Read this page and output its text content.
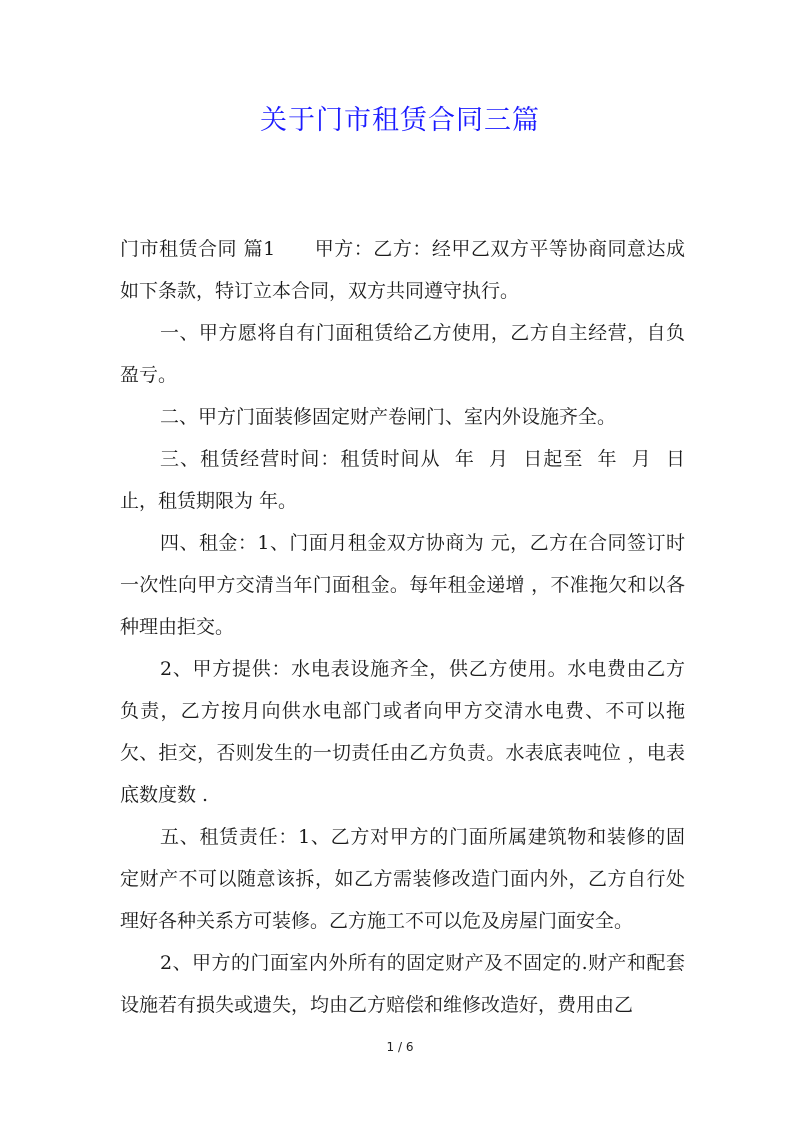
关于门市租赁合同三篇

门市租赁合同 篇1　　甲方：乙方：经甲乙双方平等协商同意达成如下条款，特订立本合同，双方共同遵守执行。

一、甲方愿将自有门面租赁给乙方使用，乙方自主经营，自负盈亏。

二、甲方门面装修固定财产卷闸门、室内外设施齐全。

三、租赁经营时间：租赁时间从  年  月  日起至  年  月  日止，租赁期限为 年。

四、租金：1、门面月租金双方协商为 元，乙方在合同签订时一次性向甲方交清当年门面租金。每年租金递增 ，不准拖欠和以各种理由拒交。

2、甲方提供：水电表设施齐全，供乙方使用。水电费由乙方负责，乙方按月向供水电部门或者向甲方交清水电费、不可以拖欠、拒交，否则发生的一切责任由乙方负责。水表底表吨位 ，电表底数度数 .

五、租赁责任：1、乙方对甲方的门面所属建筑物和装修的固定财产不可以随意该拆，如乙方需装修改造门面内外，乙方自行处理好各种关系方可装修。乙方施工不可以危及房屋门面安全。

2、甲方的门面室内外所有的固定财产及不固定的.财产和配套设施若有损失或遗失，均由乙方赔偿和维修改造好，费用由乙

1 / 6
